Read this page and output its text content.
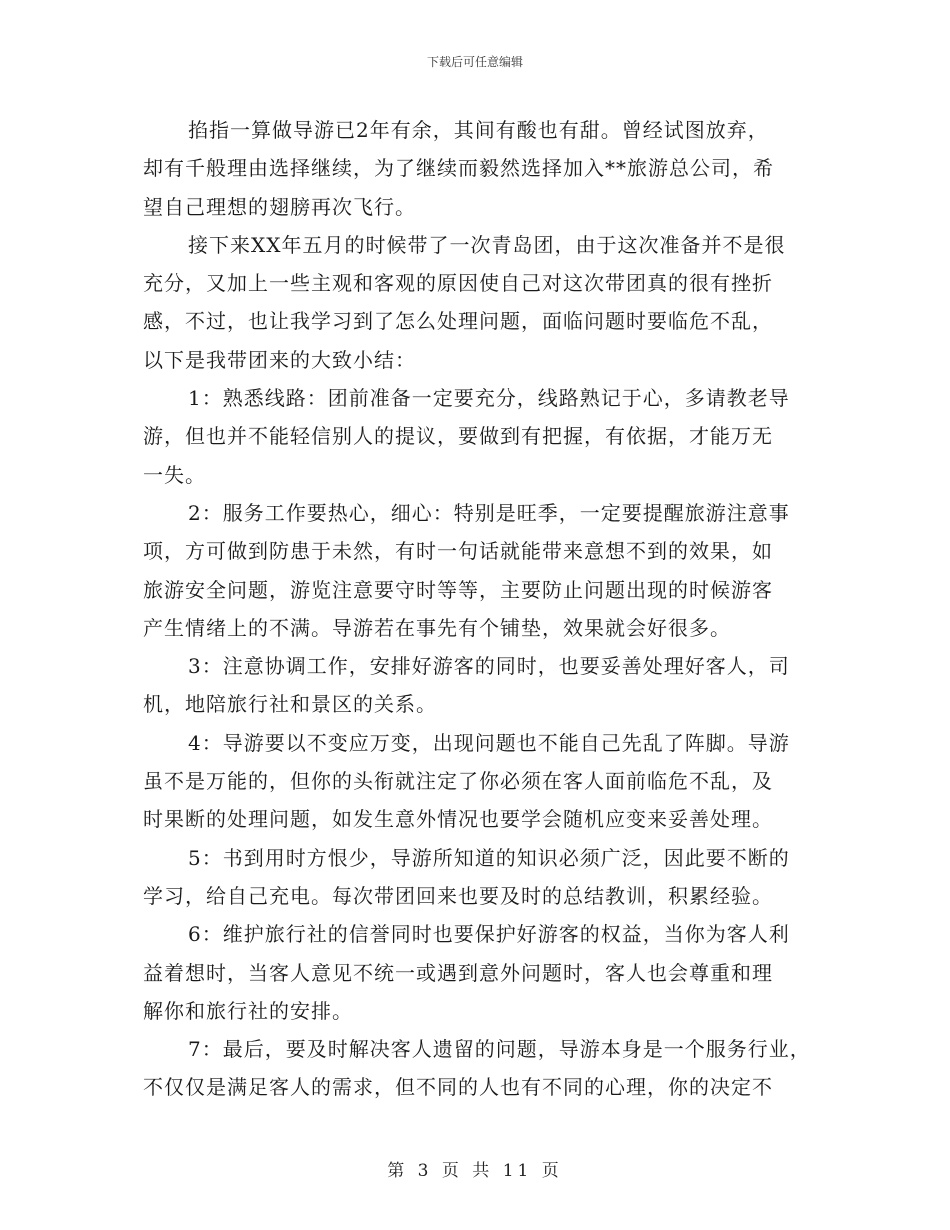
下载后可任意编辑
掐指一算做导游已2年有余，其间有酸也有甜。曾经试图放弃，
却有千般理由选择继续，为了继续而毅然选择加入**旅游总公司，希
望自己理想的翅膀再次飞行。
接下来XX年五月的时候带了一次青岛团，由于这次准备并不是很
充分，又加上一些主观和客观的原因使自己对这次带团真的很有挫折
感，不过，也让我学习到了怎么处理问题，面临问题时要临危不乱，
以下是我带团来的大致小结：
1：熟悉线路：团前准备一定要充分，线路熟记于心，多请教老导
游，但也并不能轻信别人的提议，要做到有把握，有依据，才能万无
一失。
2：服务工作要热心，细心：特别是旺季，一定要提醒旅游注意事
项，方可做到防患于未然，有时一句话就能带来意想不到的效果，如
旅游安全问题，游览注意要守时等等，主要防止问题出现的时候游客
产生情绪上的不满。导游若在事先有个铺垫，效果就会好很多。
3：注意协调工作，安排好游客的同时，也要妥善处理好客人，司
机，地陪旅行社和景区的关系。
4：导游要以不变应万变，出现问题也不能自己先乱了阵脚。导游
虽不是万能的，但你的头衔就注定了你必须在客人面前临危不乱，及
时果断的处理问题，如发生意外情况也要学会随机应变来妥善处理。
5：书到用时方恨少，导游所知道的知识必须广泛，因此要不断的
学习，给自己充电。每次带团回来也要及时的总结教训，积累经验。
6：维护旅行社的信誉同时也要保护好游客的权益，当你为客人利
益着想时，当客人意见不统一或遇到意外问题时，客人也会尊重和理
解你和旅行社的安排。
7：最后，要及时解决客人遗留的问题，导游本身是一个服务行业，
不仅仅是满足客人的需求，但不同的人也有不同的心理，你的决定不
第 3 页 共 11 页
